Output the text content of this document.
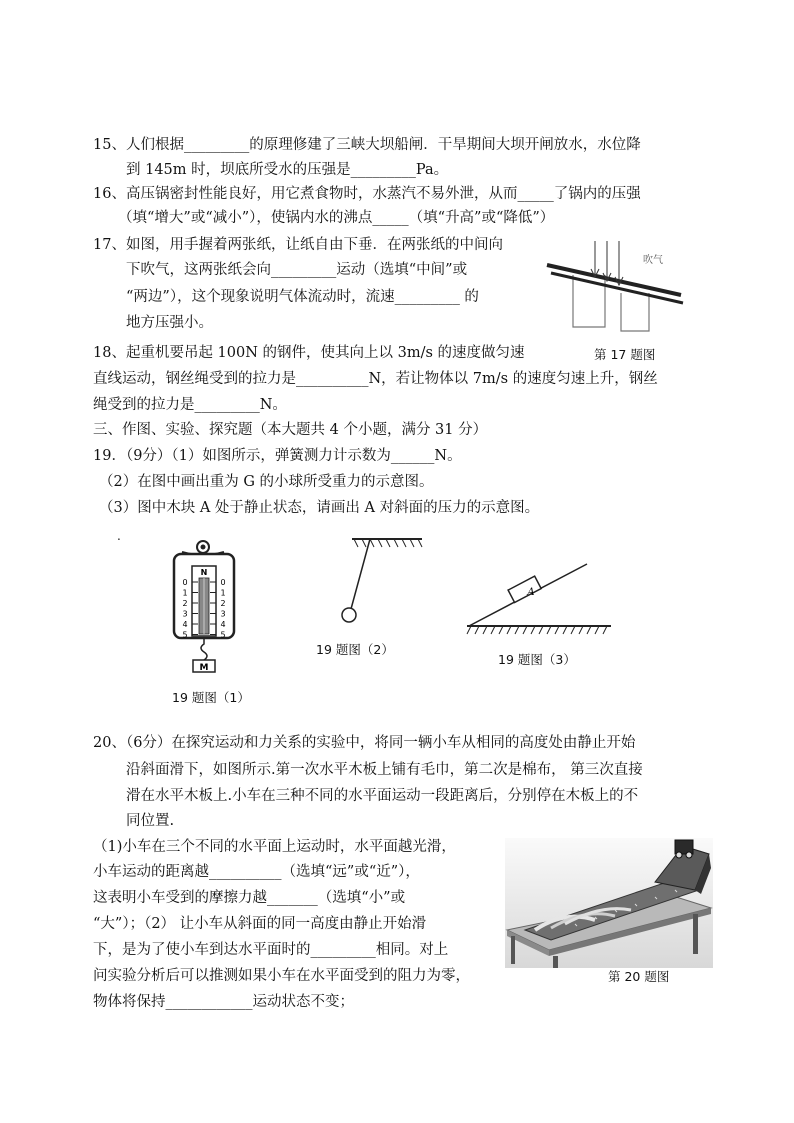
15、人们根据_________的原理修建了三峡大坝船闸．干旱期间大坝开闸放水，水位降
到 145m 时，坝底所受水的压强是_________Pa。
16、高压锅密封性能良好，用它煮食物时，水蒸汽不易外泄，从而_____了锅内的压强
（填“增大”或“减小”），使锅内水的沸点_____（填“升高”或“降低”）
17、如图，用手握着两张纸，让纸自由下垂．在两张纸的中间向
下吹气，这两张纸会向_________运动（选填“中间”或
“两边”），这个现象说明气体流动时，流速_________ 的
地方压强小。
吹气
第 17 题图
18、起重机要吊起 100N 的钢件，使其向上以 3m/s 的速度做匀速
直线运动，钢丝绳受到的拉力是__________N，若让物体以 7m/s 的速度匀速上升，钢丝
绳受到的拉力是_________N。
三、作图、实验、探究题（本大题共 4 个小题，满分 31 分）
19．（9分）（1）如图所示，弹簧测力计示数为______N。
（2）在图中画出重为 G 的小球所受重力的示意图。
（3）图中木块 A 处于静止状态，请画出 A 对斜面的压力的示意图。
.
N
0	0
1	1
2	2
3	3
4	4
5	5
M
19 题图（1）
19 题图（2）
A
19 题图（3）
20、（6分）在探究运动和力关系的实验中，将同一辆小车从相同的高度处由静止开始
沿斜面滑下，如图所示.第一次水平木板上铺有毛巾，第二次是棉布， 第三次直接
滑在水平木板上.小车在三种不同的水平面运动一段距离后，分别停在木板上的不
同位置.
（1)小车在三个不同的水平面上运动时，水平面越光滑，
小车运动的距离越__________（选填“远”或“近”），
这表明小车受到的摩擦力越_______（选填“小”或
“大”）；（2） 让小车从斜面的同一高度由静止开始滑
下，是为了使小车到达水平面时的_________相同。对上
问实验分析后可以推测如果小车在水平面受到的阻力为零，
物体将保持____________运动状态不变；
第 20 题图
